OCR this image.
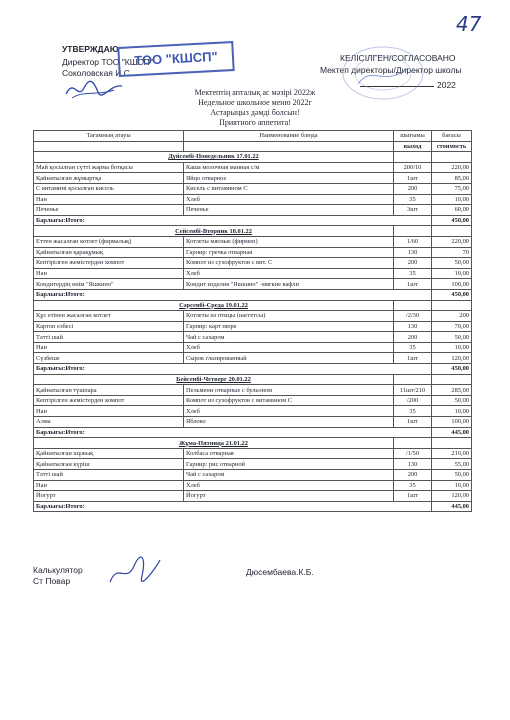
47
УТВЕРЖДАЮ
Директор ТОО "КШСП"
Соколовская И.С.
ТОО "КШСП"	КЕЛІСІЛГЕН/СОГЛАСОВАНО
Мектеп директоры/Директор школы
2022
Мектептің апталық ас мәзірі 2022ж
Недельное школьное меню 2022г
Астарыңыз дәмді болсын!
Приятного аппетита!
Тағамның атауы	Наименование блюда	шығымы	бағасы
		выход	стоимость
Дүйсенбі-Понедельник 17.01.22			
Май қосылған сүтті жарма ботқасы	Каша молочная манная с/м	200/10	220,00
Қайнатылған жұмыртқа	Яйцо отварное	1шт	85,00
С витамині қосылған кисель	Кисель с витамином С	200	75,00
Нан	Хлеб	35	10,00
Печенье	Печенье	3шт	60,00
Барлығы:Итого:			450,00
Сейсенбі-Вторник 18.01.22			
Еттен жасалған котлет (фирмалық)	Котлеты мясные (фирмен)	1/60	220,00
Қайнатылған қарақұмық	Гарнир: гречка отварная	130	70
Кептірілген жемістерден компот	Компот из сухофруктов с вит. С	200	50,00
Нан	Хлеб	35	10,00
Кондитердің өнім "Яшкино"	Кондит изделия "Яшкино" -мягкие вафли	1шт	100,00
Барлығы:Итого:			450,00
Сәрсенбі-Среда 19.01.22			
Құс етінен жасалған котлет	Котлеты из птицы (наггетсы)	/2/30	200
Картоп езбесі	Гарнир: карт пюре	130	70,00
Тәтті шай	Чай с сахаром	200	50,00
Нан	Хлеб	35	10,00
Сүзбеше	Сырок глазированный	1шт	120,00
Барлығы:Итого:			450,00
Бейсенбі-Четверг 20.01.22			
Қайнатылған түшпара	Пельмени отварные с бульоном	11шт/210	285,00
Кептірілген жемістерден компот	Компот из сухофруктов с витамином С	/200	50,00
Нан	Хлеб	35	10,00
Алма	Яблоко	1шт	100,00
Барлығы:Итого:			445,00
Жұма-Пятница 21.01.22			
Қайнатылған шұжық	Колбаса отварная	/1/50	210,00
Қайнатылған күріш	Гарнир: рис отварной	130	55,00
Тәтті шай	Чай с сахаром	200	50,00
Нан	Хлеб	35	10,00
Йогурт	Йогурт	1шт	120,00
Барлығы:Итого:			445,00
Калькулятор
Ст Повар
Дюсембаева.К.Б.
